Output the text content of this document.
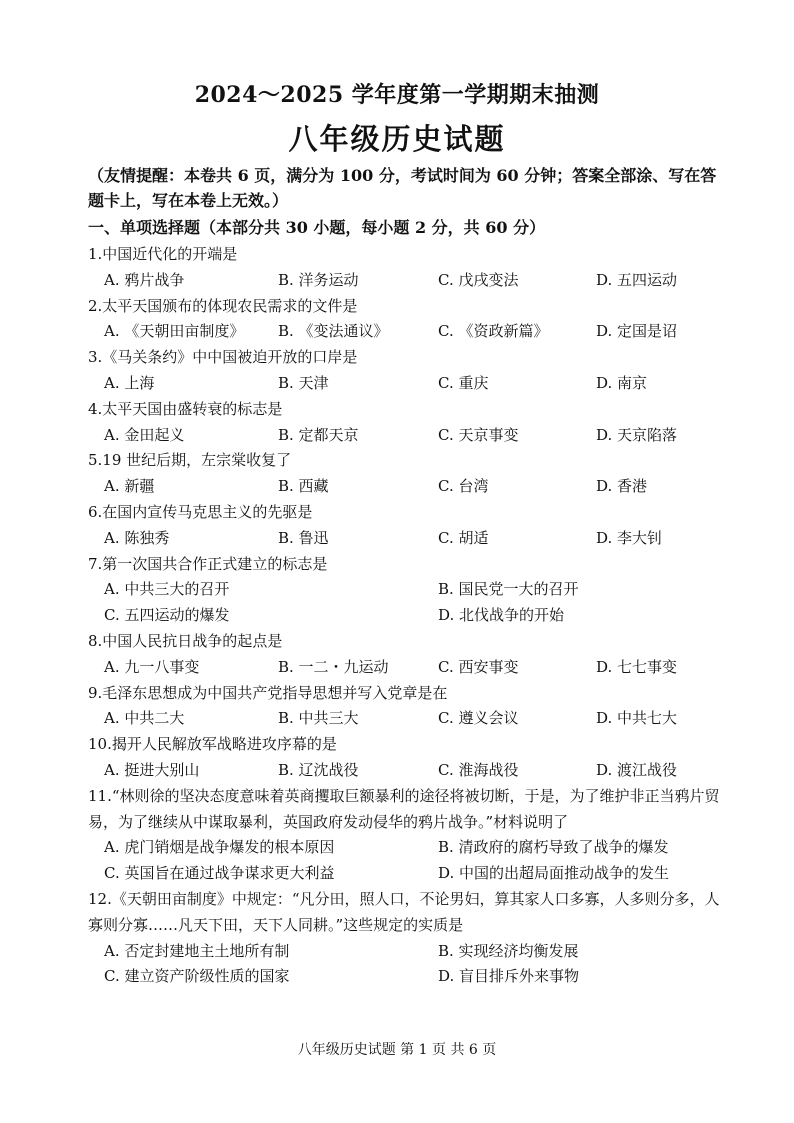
2024～2025 学年度第一学期期末抽测
八年级历史试题
（友情提醒：本卷共 6 页，满分为 100 分，考试时间为 60 分钟；答案全部涂、写在答题卡上，写在本卷上无效。）
一、单项选择题（本部分共 30 小题，每小题 2 分，共 60 分）
1.中国近代化的开端是
A. 鸦片战争	B. 洋务运动	C. 戊戌变法	D. 五四运动
2.太平天国颁布的体现农民需求的文件是
A. 《天朝田亩制度》 B. 《变法通议》	C. 《资政新篇》	D. 定国是诏
3.《马关条约》中中国被迫开放的口岸是
A. 上海	B. 天津	C. 重庆	D. 南京
4.太平天国由盛转衰的标志是
A. 金田起义	B. 定都天京	C. 天京事变	D. 天京陷落
5.19 世纪后期，左宗棠收复了
A. 新疆	B. 西藏	C. 台湾	D. 香港
6.在国内宣传马克思主义的先驱是
A. 陈独秀	B. 鲁迅	C. 胡适	D. 李大钊
7.第一次国共合作正式建立的标志是
A. 中共三大的召开	B. 国民党一大的召开
C. 五四运动的爆发	D. 北伐战争的开始
8.中国人民抗日战争的起点是
A. 九一八事变	B. 一二・九运动	C. 西安事变	D. 七七事变
9.毛泽东思想成为中国共产党指导思想并写入党章是在
A. 中共二大	B. 中共三大	C. 遵义会议	D. 中共七大
10.揭开人民解放军战略进攻序幕的是
A. 挺进大别山	B. 辽沈战役	C. 淮海战役	D. 渡江战役
11.“林则徐的坚决态度意味着英商攫取巨额暴利的途径将被切断，于是，为了维护非正当鸦片贸易，为了继续从中谋取暴利，英国政府发动侵华的鸦片战争。”材料说明了
A. 虎门销烟是战争爆发的根本原因	B. 清政府的腐朽导致了战争的爆发
C. 英国旨在通过战争谋求更大利益	D. 中国的出超局面推动战争的发生
12.《天朝田亩制度》中规定：“凡分田，照人口，不论男妇，算其家人口多寡，人多则分多，人寡则分寡……凡天下田，天下人同耕。”这些规定的实质是
A. 否定封建地主土地所有制	B. 实现经济均衡发展
C. 建立资产阶级性质的国家	D. 盲目排斥外来事物
八年级历史试题 第 1 页 共 6 页
